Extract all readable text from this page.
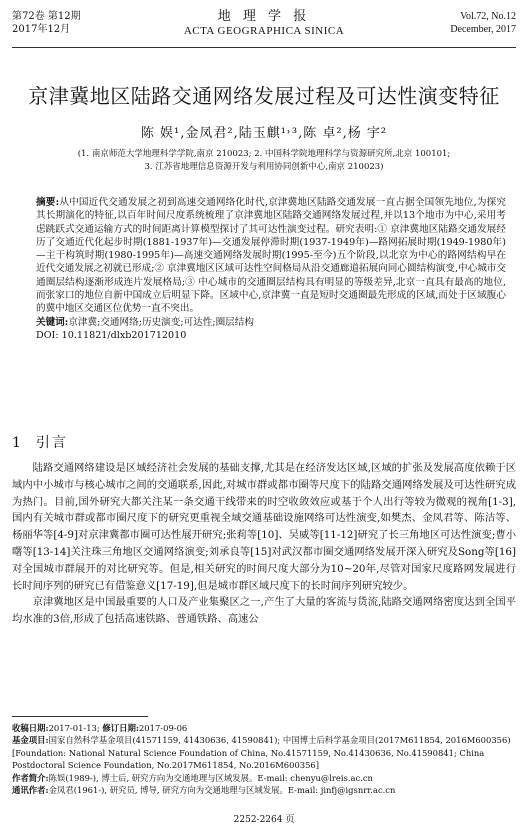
第72卷 第12期
2017年12月
地 理 学 报
ACTA GEOGRAPHICA SINICA
Vol.72, No.12
December, 2017
京津冀地区陆路交通网络发展过程及可达性演变特征
陈 娱¹,金凤君²,陆玉麒¹˒³,陈 卓²,杨 宇²
(1. 南京师范大学地理科学学院,南京 210023; 2. 中国科学院地理科学与资源研究所,北京 100101;
3. 江苏省地理信息资源开发与利用协同创新中心,南京 210023)

摘要:从中国近代交通发展之初到高速交通网络化时代,京津冀地区陆路交通发展一直占据全国领先地位,为探究其长期演化的特征,以百年时间尺度系统梳理了京津冀地区陆路交通网络发展过程,并以13个地市为中心,采用考虑跳跃式交通运输方式的时间距离计算模型探讨了其可达性演变过程。研究表明:① 京津冀地区陆路交通发展经历了交通近代化起步时期(1881-1937年)—交通发展停滞时期(1937-1949年)—路网拓展时期(1949-1980年)—主干构筑时期(1980-1995年)—高速交通网络发展时期(1995-至今)五个阶段,以北京为中心的路网结构早在近代交通发展之初就已形成;② 京津冀地区区域可达性空间格局从沿交通廊道拓展向同心圆结构演变,中心城市交通圈层结构逐渐形成连片发展格局;③ 中心城市的交通圈层结构具有明显的等级差异,北京一直具有最高的地位,而张家口的地位自新中国成立后明显下降。区域中心,京津冀一直是短时交通圈最先形成的区域,而处于区域腹心的冀中地区交通区位优势一直不突出。

关键词:京津冀;交通网络;历史演变;可达性;圈层结构

DOI: 10.11821/dlxb201712010

1 引言

陆路交通网络建设是区域经济社会发展的基础支撑,尤其是在经济发达区域,区域的扩张及发展高度依赖于区域内中小城市与核心城市之间的交通联系,因此,对城市群或都市圈等尺度下的陆路交通网络发展及可达性研究成为热门。目前,国外研究大都关注某一条交通干线带来的时空收敛效应或基于个人出行等较为微观的视角[1-3],国内有关城市群或都市圈尺度下的研究更重视全域交通基础设施网络可达性演变,如樊杰、金凤君等、陈洁等、杨丽华等[4-9]对京津冀都市圈可达性展开研究;张莉等[10]、吴威等[11-12]研究了长三角地区可达性演变;曹小曙等[13-14]关注珠三角地区交通网络演变;刘承良等[15]对武汉都市圈交通网络发展开深入研究及Song等[16]对全国城市群展开的对比研究等。但是,相关研究的时间尺度大部分为10~20年,尽管对国家尺度路网发展进行长时间序列的研究已有借鉴意义[17-19],但是城市群区域尺度下的长时间序列研究较少。

京津冀地区是中国最重要的人口及产业集聚区之一,产生了大量的客流与货流,陆路交通网络密度达到全国平均水准的3倍,形成了包括高速铁路、普通铁路、高速公

收稿日期:2017-01-13; 修订日期:2017-09-06

基金项目:国家自然科学基金项目(41571159, 41430636, 41590841); 中国博士后科学基金项目(2017M611854, 2016M600356) [Foundation: National Natural Science Foundation of China, No.41571159, No.41430636, No.41590841; China Postdoctoral Science Foundation, No.2017M611854, No.2016M600356]

作者简介:陈娱(1989-), 博士后, 研究方向为交通地理与区域发展。E-mail: chenyu@lreis.ac.cn

通讯作者:金凤君(1961-), 研究员, 博导, 研究方向为交通地理与区域发展。E-mail: jinfj@igsnrr.ac.cn

2252-2264 页
